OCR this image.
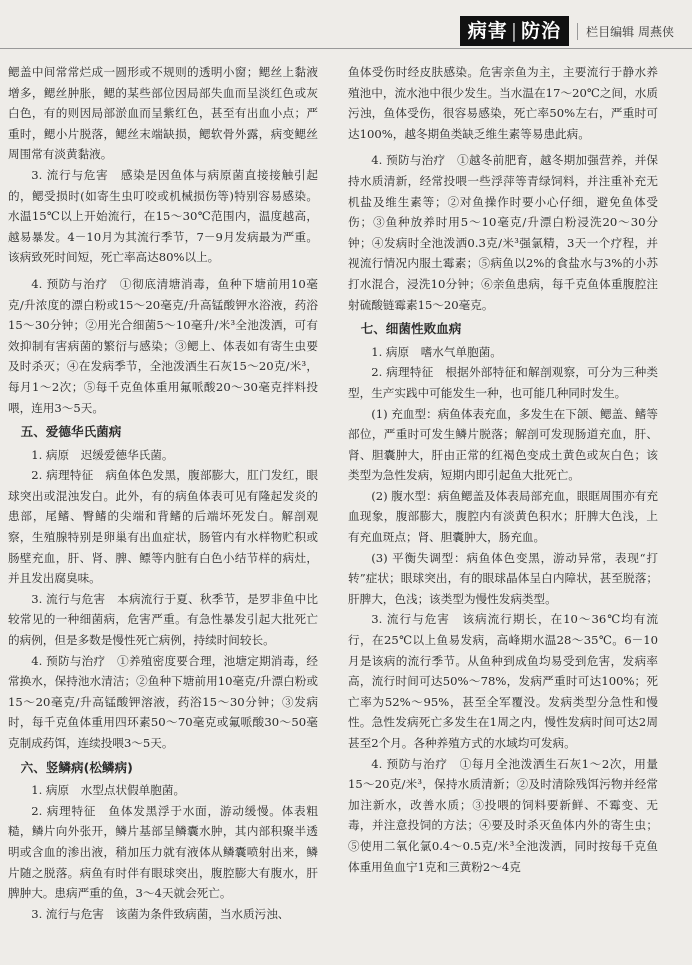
病害 | 防治	栏目编辑 周燕侠

鳃盖中间常常烂成一圆形或不规则的透明小窗；鳃丝上黏液增多，鳃丝肿胀，鳃的某些部位因局部失血而呈淡红色或灰白色，有的则因局部淤血而呈紫红色，甚至有出血小点；严重时，鳃小片脱落，鳃丝末端缺损，鳃软骨外露，病变鳃丝周围常有淡黄黏液。

3. 流行与危害　感染是因鱼体与病原菌直接接触引起的，鳃受损时(如寄生虫叮咬或机械损伤等)特别容易感染。水温15℃以上开始流行，在15～30℃范围内，温度越高，越易暴发。4－10月为其流行季节，7－9月发病最为严重。该病致死时间短，死亡率高达80%以上。

4. 预防与治疗　①彻底清塘消毒，鱼种下塘前用10毫克/升浓度的漂白粉或15～20毫克/升高锰酸钾水浴液，药浴15～30分钟；②用光合细菌5～10毫升/米³全池泼洒，可有效抑制有害病菌的繁衍与感染；③鳃上、体表如有寄生虫要及时杀灭；④在发病季节，全池泼洒生石灰15～20克/米³，每月1～2次；⑤每千克鱼体重用氟哌酸20～30毫克拌料投喂，连用3～5天。

五、爱德华氏菌病

1. 病原　迟缓爱德华氏菌。

2. 病理特征　病鱼体色发黑，腹部膨大，肛门发红，眼球突出或混浊发白。此外，有的病鱼体表可见有隆起发炎的患部，尾鳍、臀鳍的尖端和背鳍的后端坏死发白。解剖观察，生殖腺特别是卵巢有出血症状，肠管内有水样物贮积或肠壁充血，肝、肾、脾、鳔等内脏有白色小结节样的病灶，并且发出腐臭味。

3. 流行与危害　本病流行于夏、秋季节，是罗非鱼中比较常见的一种细菌病，危害严重。有急性暴发引起大批死亡的病例，但是多数是慢性死亡病例，持续时间较长。

4. 预防与治疗　①养殖密度要合理，池塘定期消毒，经常换水，保持池水清洁；②鱼种下塘前用10毫克/升漂白粉或15～20毫克/升高锰酸钾溶液，药浴15～30分钟；③发病时，每千克鱼体重用四环素50～70毫克或氟哌酸30～50毫克制成药饵，连续投喂3～5天。

六、竖鳞病(松鳞病)

1. 病原　水型点状假单胞菌。

2. 病理特征　鱼体发黑浮于水面，游动缓慢。体表粗糙，鳞片向外张开，鳞片基部呈鳞囊水肿，其内部积聚半透明或含血的渗出液，稍加压力就有液体从鳞囊喷射出来，鳞片随之脱落。病鱼有时伴有眼球突出，腹腔膨大有腹水，肝脾肿大。患病严重的鱼，3～4天就会死亡。

3. 流行与危害　该菌为条件致病菌，当水质污浊、

鱼体受伤时经皮肤感染。危害亲鱼为主，主要流行于静水养殖池中，流水池中很少发生。当水温在17～20℃之间，水质污浊，鱼体受伤，很容易感染，死亡率50%左右，严重时可达100%，越冬期鱼类缺乏维生素等易患此病。

4. 预防与治疗　①越冬前肥育，越冬期加强营养，并保持水质清新，经常投喂一些浮萍等青绿饲料，并注重补充无机盐及维生素等；②对鱼操作时要小心仔细，避免鱼体受伤；③鱼种放养时用5～10毫克/升漂白粉浸洗20～30分钟；④发病时全池泼洒0.3克/米³强氯精，3天一个疗程，并视流行情况内服土霉素；⑤病鱼以2%的食盐水与3%的小苏打水混合，浸洗10分钟；⑥亲鱼患病，每千克鱼体重腹腔注射硫酸链霉素15～20毫克。

七、细菌性败血病

1. 病原　嗜水气单胞菌。

2. 病理特征　根据外部特征和解剖观察，可分为三种类型，生产实践中可能发生一种，也可能几种同时发生。

(1) 充血型：病鱼体表充血，多发生在下颌、鳃盖、鳍等部位，严重时可发生鳞片脱落；解剖可发现肠道充血，肝、肾、胆囊肿大，肝由正常的红褐色变成土黄色或灰白色；该类型为急性发病，短期内即引起鱼大批死亡。

(2) 腹水型：病鱼鳃盖及体表局部充血，眼眶周围亦有充血现象，腹部膨大，腹腔内有淡黄色积水；肝脾大色浅，上有充血斑点；肾、胆囊肿大，肠充血。

(3) 平衡失调型：病鱼体色变黑，游动异常，表现“打转”症状；眼球突出，有的眼球晶体呈白内障状，甚至脱落；肝脾大，色浅；该类型为慢性发病类型。

3. 流行与危害　该病流行期长，在10～36℃均有流行，在25℃以上鱼易发病，高峰期水温28～35℃。6－10月是该病的流行季节。从鱼种到成鱼均易受到危害，发病率高，流行时间可达50%～78%，发病严重时可达100%；死亡率为52%～95%，甚至全军覆没。发病类型分急性和慢性。急性发病死亡多发生在1周之内，慢性发病时间可达2周甚至2个月。各种养殖方式的水域均可发病。

4. 预防与治疗　①每月全池泼洒生石灰1～2次，用量15～20克/米³，保持水质清新；②及时清除残饵污物并经常加注新水，改善水质；③投喂的饲料要新鲜、不霉变、无毒，并注意投饲的方法；④要及时杀灭鱼体内外的寄生虫；⑤使用二氧化氯0.4～0.5克/米³全池泼洒，同时按每千克鱼体重用鱼血宁1克和三黄粉2～4克
